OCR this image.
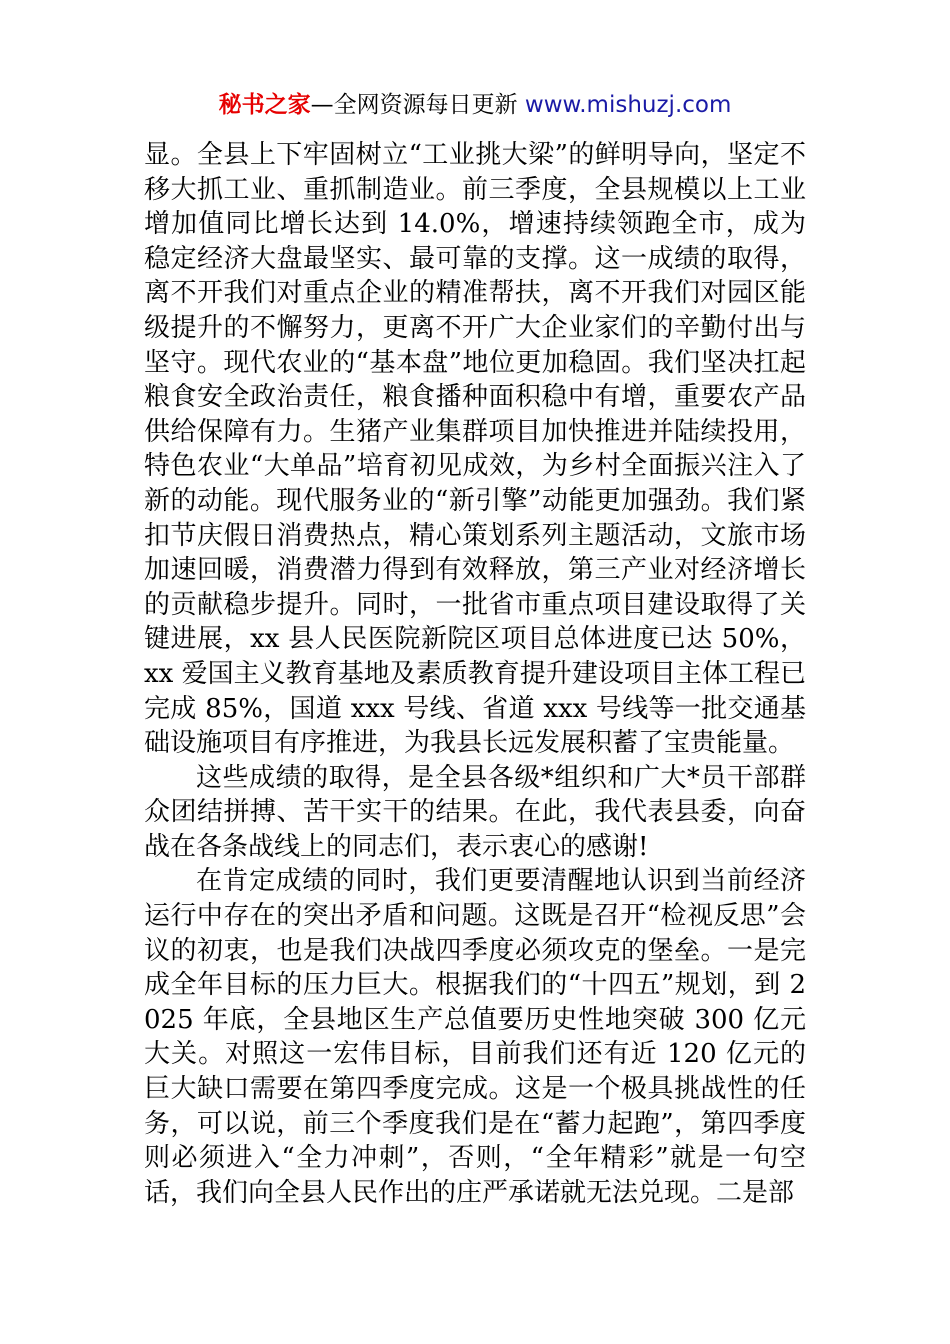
秘书之家—全网资源每日更新 www.mishuzj.com

显。全县上下牢固树立“工业挑大梁”的鲜明导向，坚定不移大抓工业、重抓制造业。前三季度，全县规模以上工业增加值同比增长达到 14.0%，增速持续领跑全市，成为稳定经济大盘最坚实、最可靠的支撑。这一成绩的取得，离不开我们对重点企业的精准帮扶，离不开我们对园区能级提升的不懈努力，更离不开广大企业家们的辛勤付出与坚守。现代农业的“基本盘”地位更加稳固。我们坚决扛起粮食安全政治责任，粮食播种面积稳中有增，重要农产品供给保障有力。生猪产业集群项目加快推进并陆续投用，特色农业“大单品”培育初见成效，为乡村全面振兴注入了新的动能。现代服务业的“新引擎”动能更加强劲。我们紧扣节庆假日消费热点，精心策划系列主题活动，文旅市场加速回暖，消费潜力得到有效释放，第三产业对经济增长的贡献稳步提升。同时，一批省市重点项目建设取得了关键进展，xx 县人民医院新院区项目总体进度已达 50%，xx 爱国主义教育基地及素质教育提升建设项目主体工程已完成 85%，国道 xxx 号线、省道 xxx 号线等一批交通基础设施项目有序推进，为我县长远发展积蓄了宝贵能量。

这些成绩的取得，是全县各级*组织和广大*员干部群众团结拼搏、苦干实干的结果。在此，我代表县委，向奋战在各条战线上的同志们，表示衷心的感谢!

在肯定成绩的同时，我们更要清醒地认识到当前经济运行中存在的突出矛盾和问题。这既是召开“检视反思”会议的初衷，也是我们决战四季度必须攻克的堡垒。一是完成全年目标的压力巨大。根据我们的“十四五”规划，到 2025 年底，全县地区生产总值要历史性地突破 300 亿元大关。对照这一宏伟目标，目前我们还有近 120 亿元的巨大缺口需要在第四季度完成。这是一个极具挑战性的任务，可以说，前三个季度我们是在“蓄力起跑”，第四季度则必须进入“全力冲刺”，否则，“全年精彩”就是一句空话，我们向全县人民作出的庄严承诺就无法兑现。二是部
